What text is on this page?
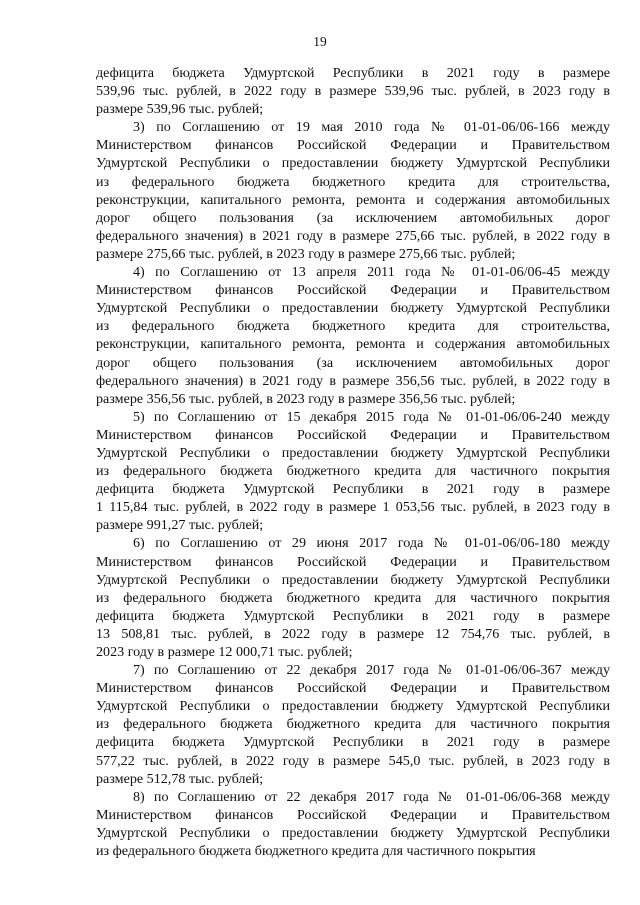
19
дефицита бюджета Удмуртской Республики в 2021 году в размере
539,96 тыс. рублей, в 2022 году в размере 539,96 тыс. рублей, в 2023 году в
размере 539,96 тыс. рублей;
3) по Соглашению от 19 мая 2010 года № 01-01-06/06-166 между
Министерством финансов Российской Федерации и Правительством
Удмуртской Республики о предоставлении бюджету Удмуртской Республики
из федерального бюджета бюджетного кредита для строительства,
реконструкции, капитального ремонта, ремонта и содержания автомобильных
дорог общего пользования (за исключением автомобильных дорог
федерального значения) в 2021 году в размере 275,66 тыс. рублей, в 2022 году в
размере 275,66 тыс. рублей, в 2023 году в размере 275,66 тыс. рублей;
4) по Соглашению от 13 апреля 2011 года № 01-01-06/06-45 между
Министерством финансов Российской Федерации и Правительством
Удмуртской Республики о предоставлении бюджету Удмуртской Республики
из федерального бюджета бюджетного кредита для строительства,
реконструкции, капитального ремонта, ремонта и содержания автомобильных
дорог общего пользования (за исключением автомобильных дорог
федерального значения) в 2021 году в размере 356,56 тыс. рублей, в 2022 году в
размере 356,56 тыс. рублей, в 2023 году в размере 356,56 тыс. рублей;
5) по Соглашению от 15 декабря 2015 года № 01-01-06/06-240 между
Министерством финансов Российской Федерации и Правительством
Удмуртской Республики о предоставлении бюджету Удмуртской Республики
из федерального бюджета бюджетного кредита для частичного покрытия
дефицита бюджета Удмуртской Республики в 2021 году в размере
1 115,84 тыс. рублей, в 2022 году в размере 1 053,56 тыс. рублей, в 2023 году в
размере 991,27 тыс. рублей;
6) по Соглашению от 29 июня 2017 года № 01-01-06/06-180 между
Министерством финансов Российской Федерации и Правительством
Удмуртской Республики о предоставлении бюджету Удмуртской Республики
из федерального бюджета бюджетного кредита для частичного покрытия
дефицита бюджета Удмуртской Республики в 2021 году в размере
13 508,81 тыс. рублей, в 2022 году в размере 12 754,76 тыс. рублей, в
2023 году в размере 12 000,71 тыс. рублей;
7) по Соглашению от 22 декабря 2017 года № 01-01-06/06-367 между
Министерством финансов Российской Федерации и Правительством
Удмуртской Республики о предоставлении бюджету Удмуртской Республики
из федерального бюджета бюджетного кредита для частичного покрытия
дефицита бюджета Удмуртской Республики в 2021 году в размере
577,22 тыс. рублей, в 2022 году в размере 545,0 тыс. рублей, в 2023 году в
размере 512,78 тыс. рублей;
8) по Соглашению от 22 декабря 2017 года № 01-01-06/06-368 между
Министерством финансов Российской Федерации и Правительством
Удмуртской Республики о предоставлении бюджету Удмуртской Республики
из федерального бюджета бюджетного кредита для частичного покрытия
